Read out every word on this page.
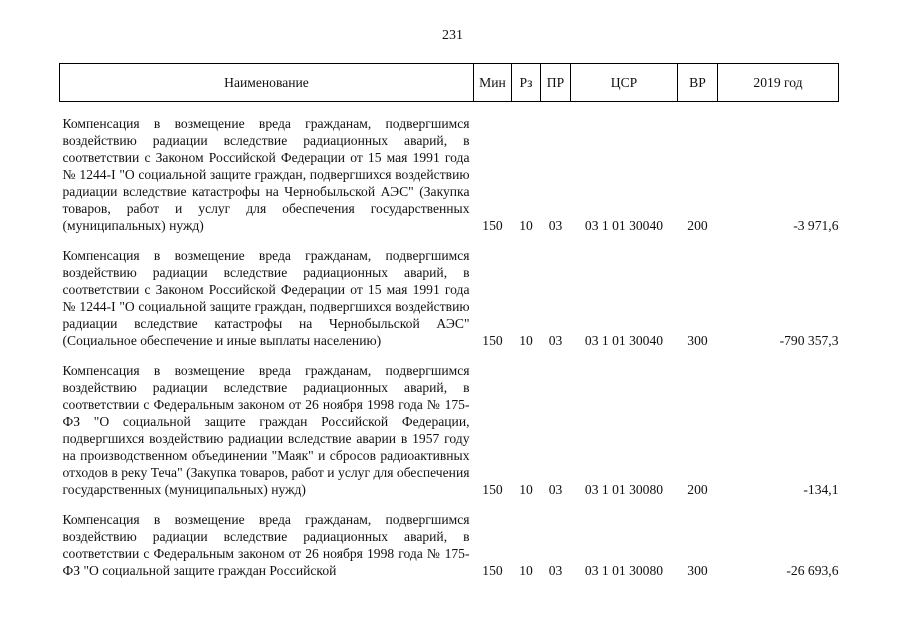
231
Наименование	Мин	Рз	ПР	ЦСР	ВР	2019 год
Компенсация в возмещение вреда гражданам, подвергшимся воздействию радиации вследствие радиационных аварий, в соответствии с Законом Российской Федерации от 15 мая 1991 года № 1244-I "О социальной защите граждан, подвергшихся воздействию радиации вследствие катастрофы на Чернобыльской АЭС" (Закупка товаров, работ и услуг для обеспечения государственных (муниципальных) нужд)	150	10	03	03 1 01 30040	200	-3 971,6
Компенсация в возмещение вреда гражданам, подвергшимся воздействию радиации вследствие радиационных аварий, в соответствии с Законом Российской Федерации от 15 мая 1991 года № 1244-I "О социальной защите граждан, подвергшихся воздействию радиации вследствие катастрофы на Чернобыльской АЭС" (Социальное обеспечение и иные выплаты населению)	150	10	03	03 1 01 30040	300	-790 357,3
Компенсация в возмещение вреда гражданам, подвергшимся воздействию радиации вследствие радиационных аварий, в соответствии с Федеральным законом от 26 ноября 1998 года № 175-ФЗ "О социальной защите граждан Российской Федерации, подвергшихся воздействию радиации вследствие аварии в 1957 году на производственном объединении "Маяк" и сбросов радиоактивных отходов в реку Теча" (Закупка товаров, работ и услуг для обеспечения государственных (муниципальных) нужд)	150	10	03	03 1 01 30080	200	-134,1
Компенсация в возмещение вреда гражданам, подвергшимся воздействию радиации вследствие радиационных аварий, в соответствии с Федеральным законом от 26 ноября 1998 года № 175-ФЗ "О социальной защите граждан Российской	150	10	03	03 1 01 30080	300	-26 693,6
